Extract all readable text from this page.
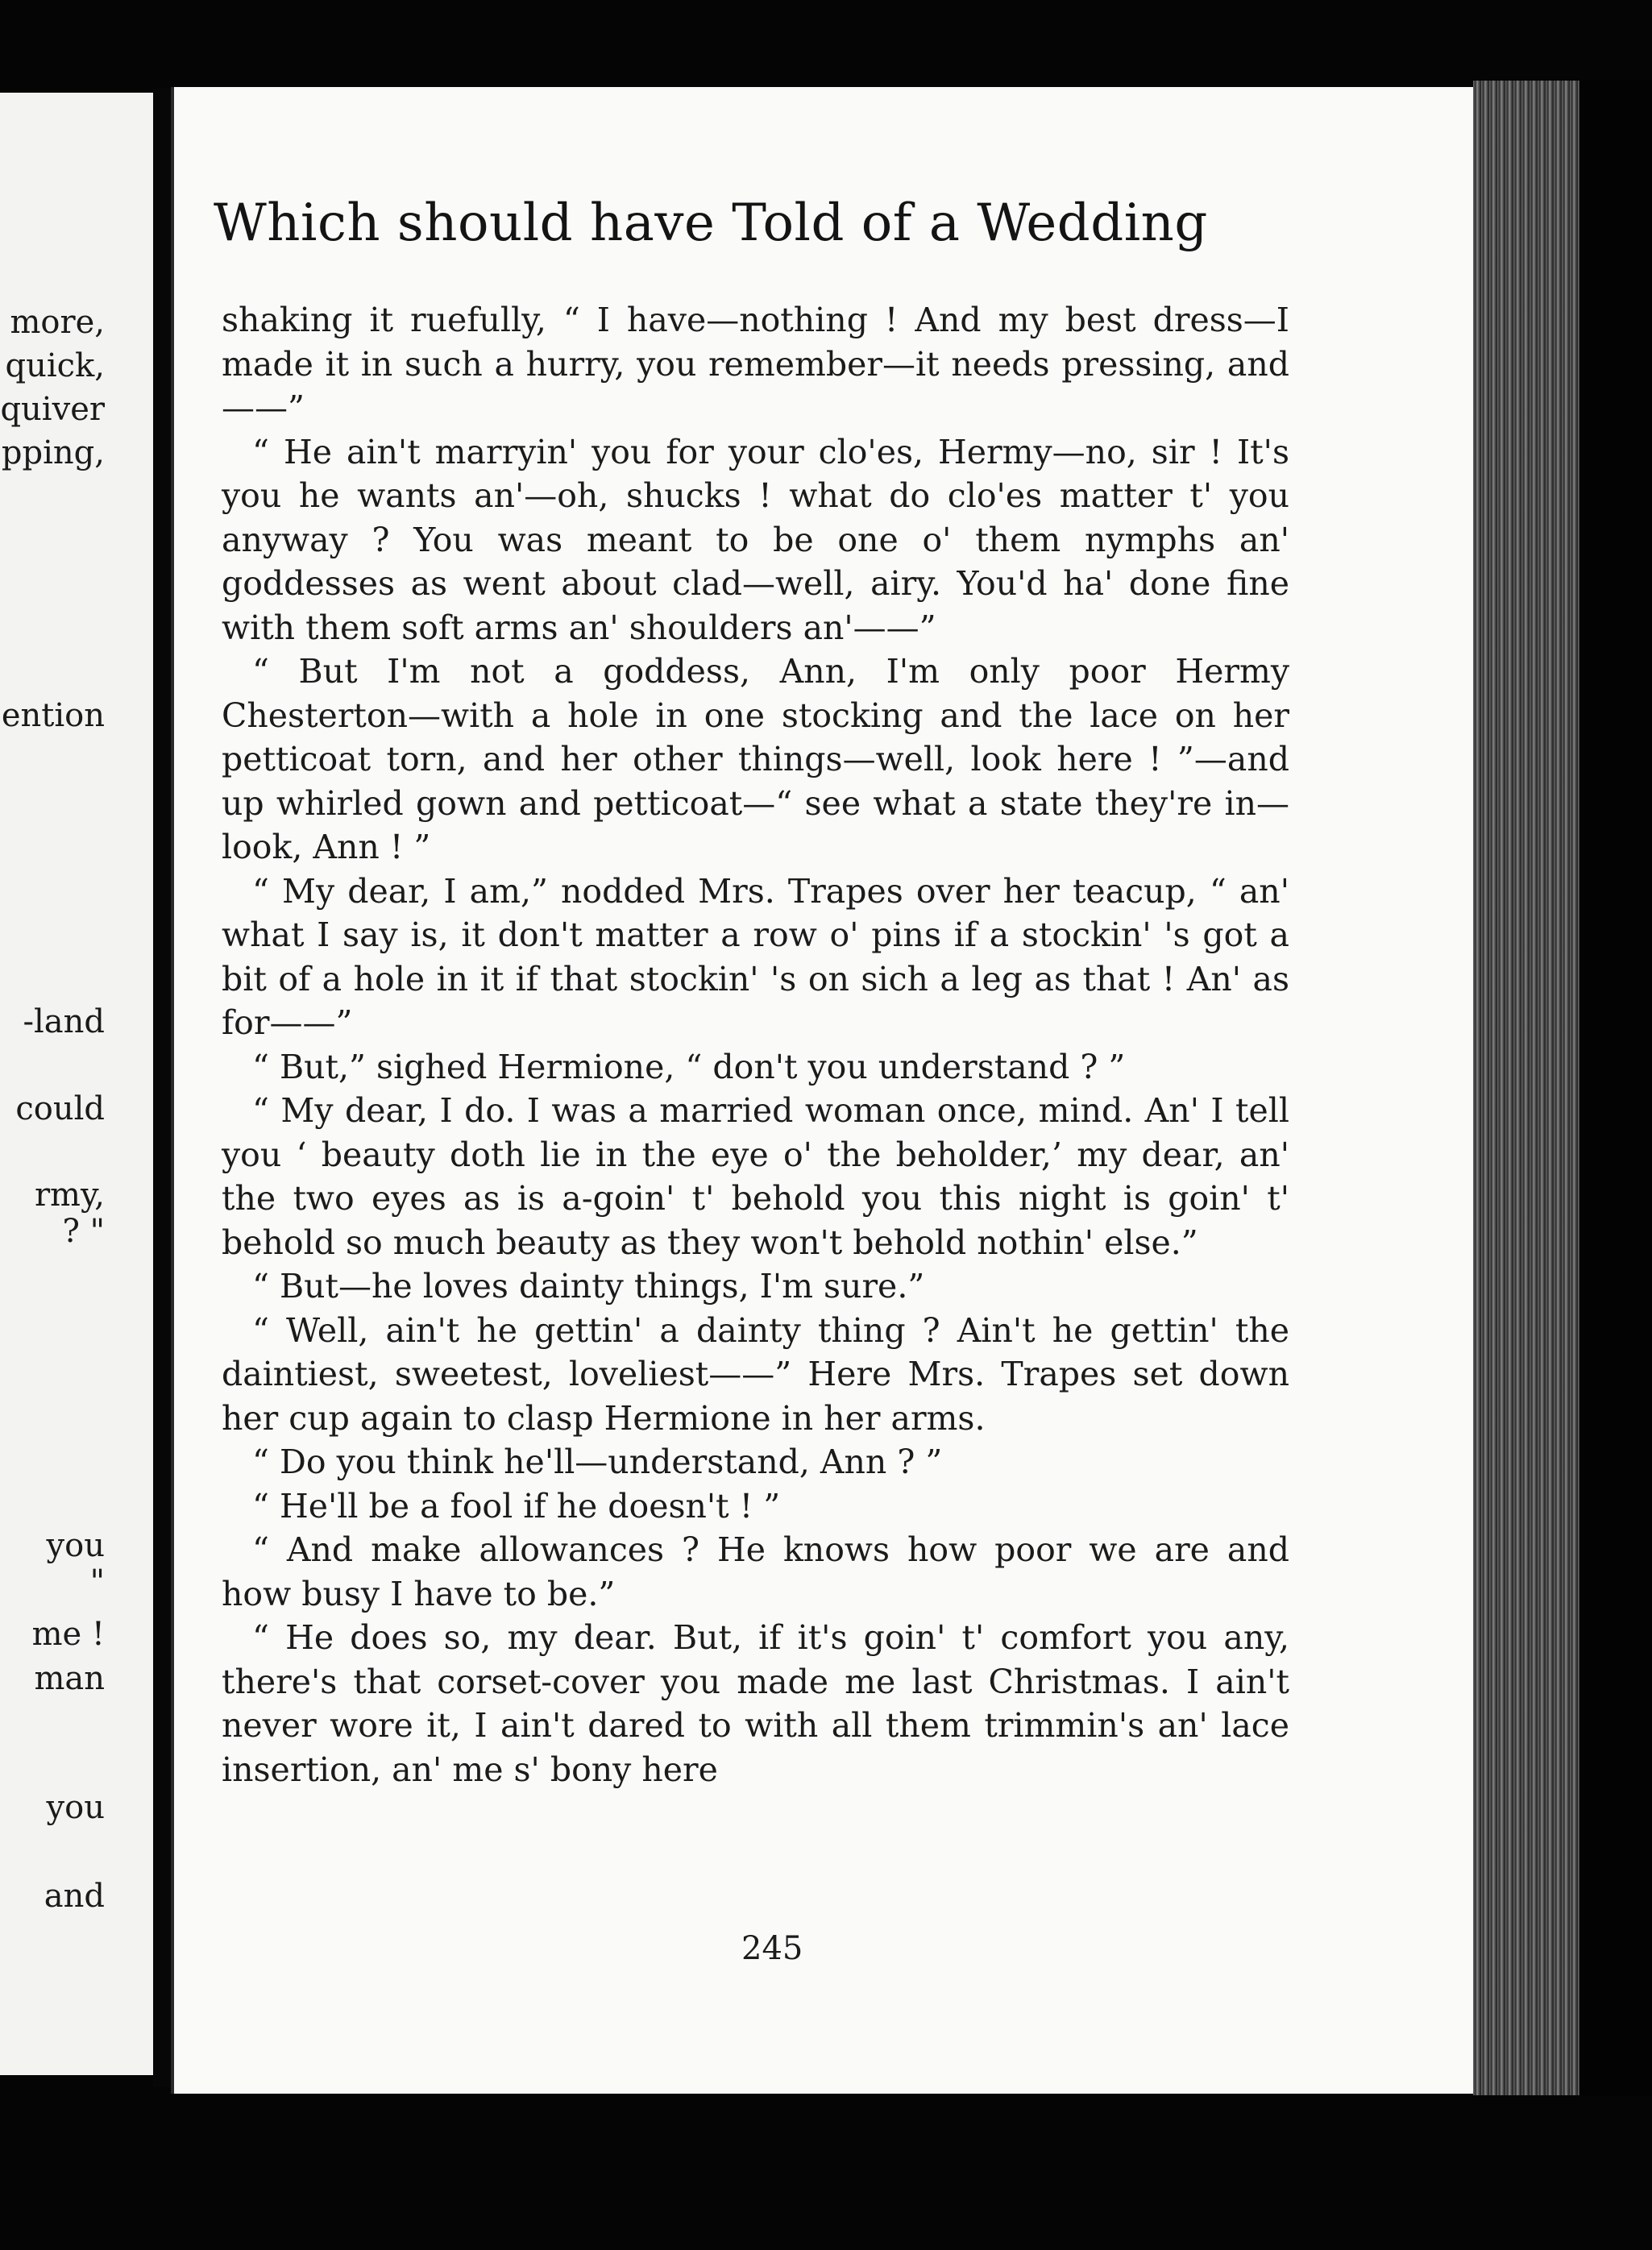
more,
quick,
quiver
pping,
ention
-land
could
rmy,
? "
you
"
me !
man
you
and
Which should have Told of a Wedding

shaking it ruefully, “ I have—nothing ! And my best dress—I made it in such a hurry, you remember—it needs pressing, and——”

“ He ain't marryin' you for your clo'es, Hermy—no, sir ! It's you he wants an'—oh, shucks ! what do clo'es matter t' you anyway ? You was meant to be one o' them nymphs an' goddesses as went about clad—well, airy. You'd ha' done fine with them soft arms an' shoulders an'——”

“ But I'm not a goddess, Ann, I'm only poor Hermy Chesterton—with a hole in one stocking and the lace on her petticoat torn, and her other things—well, look here ! ”—and up whirled gown and petticoat—“ see what a state they're in—look, Ann ! ”

“ My dear, I am,” nodded Mrs. Trapes over her teacup, “ an' what I say is, it don't matter a row o' pins if a stockin' 's got a bit of a hole in it if that stockin' 's on sich a leg as that ! An' as for——”

“ But,” sighed Hermione, “ don't you understand ? ”

“ My dear, I do. I was a married woman once, mind. An' I tell you ‘ beauty doth lie in the eye o' the beholder,’ my dear, an' the two eyes as is a-goin' t' behold you this night is goin' t' behold so much beauty as they won't behold nothin' else.”

“ But—he loves dainty things, I'm sure.”

“ Well, ain't he gettin' a dainty thing ? Ain't he gettin' the daintiest, sweetest, loveliest——” Here Mrs. Trapes set down her cup again to clasp Hermione in her arms.

“ Do you think he'll—understand, Ann ? ”

“ He'll be a fool if he doesn't ! ”

“ And make allowances ? He knows how poor we are and how busy I have to be.”

“ He does so, my dear. But, if it's goin' t' comfort you any, there's that corset-cover you made me last Christmas. I ain't never wore it, I ain't dared to with all them trimmin's an' lace insertion, an' me s' bony here

245
